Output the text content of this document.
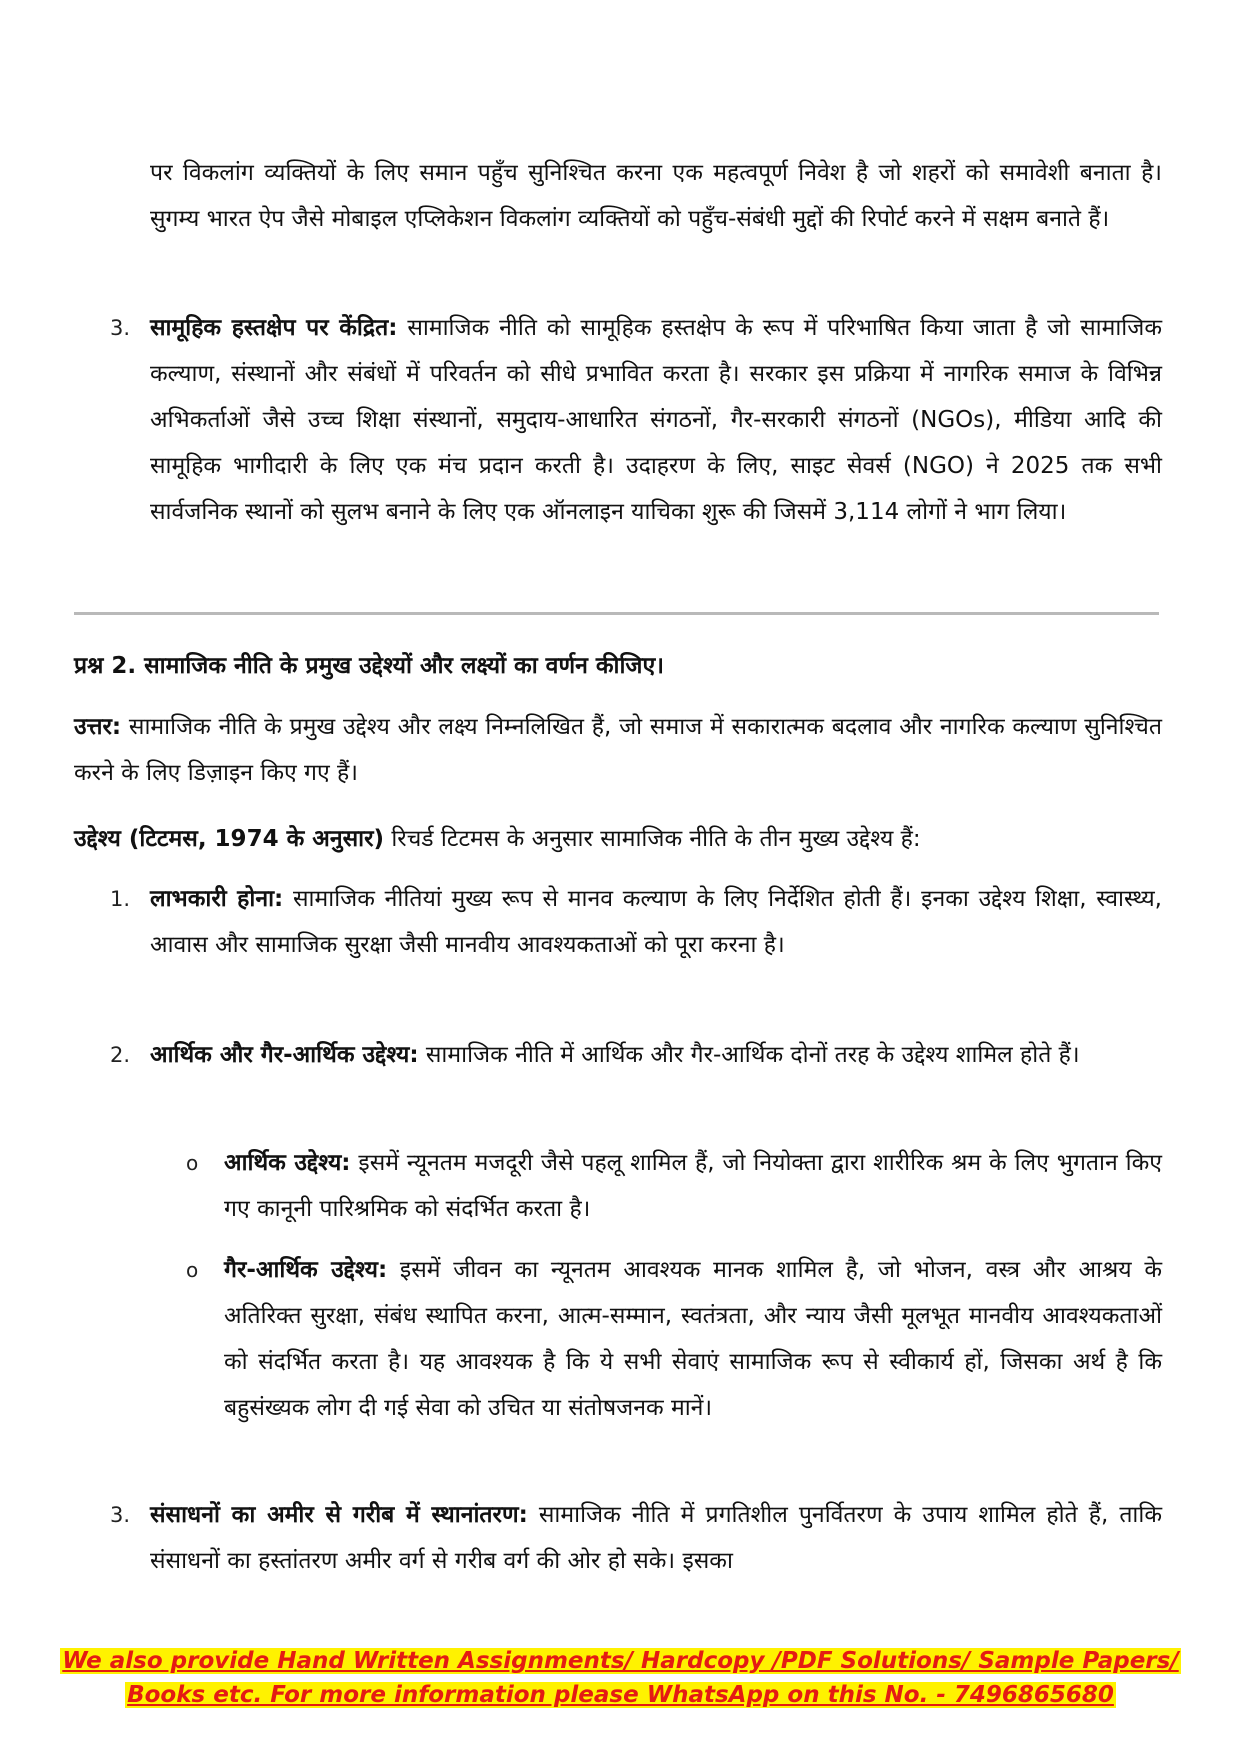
पर विकलांग व्यक्तियों के लिए समान पहुँच सुनिश्चित करना एक महत्वपूर्ण निवेश है जो शहरों को समावेशी बनाता है। सुगम्य भारत ऐप जैसे मोबाइल एप्लिकेशन विकलांग व्यक्तियों को पहुँच-संबंधी मुद्दों की रिपोर्ट करने में सक्षम बनाते हैं।

3. सामूहिक हस्तक्षेप पर केंद्रित: सामाजिक नीति को सामूहिक हस्तक्षेप के रूप में परिभाषित किया जाता है जो सामाजिक कल्याण, संस्थानों और संबंधों में परिवर्तन को सीधे प्रभावित करता है। सरकार इस प्रक्रिया में नागरिक समाज के विभिन्न अभिकर्ताओं जैसे उच्च शिक्षा संस्थानों, समुदाय-आधारित संगठनों, गैर-सरकारी संगठनों (NGOs), मीडिया आदि की सामूहिक भागीदारी के लिए एक मंच प्रदान करती है। उदाहरण के लिए, साइट सेवर्स (NGO) ने 2025 तक सभी सार्वजनिक स्थानों को सुलभ बनाने के लिए एक ऑनलाइन याचिका शुरू की जिसमें 3,114 लोगों ने भाग लिया।

प्रश्न 2. सामाजिक नीति के प्रमुख उद्देश्यों और लक्ष्यों का वर्णन कीजिए।

उत्तर: सामाजिक नीति के प्रमुख उद्देश्य और लक्ष्य निम्नलिखित हैं, जो समाज में सकारात्मक बदलाव और नागरिक कल्याण सुनिश्चित करने के लिए डिज़ाइन किए गए हैं।

उद्देश्य (टिटमस, 1974 के अनुसार) रिचर्ड टिटमस के अनुसार सामाजिक नीति के तीन मुख्य उद्देश्य हैं:

1. लाभकारी होना: सामाजिक नीतियां मुख्य रूप से मानव कल्याण के लिए निर्देशित होती हैं। इनका उद्देश्य शिक्षा, स्वास्थ्य, आवास और सामाजिक सुरक्षा जैसी मानवीय आवश्यकताओं को पूरा करना है।

2. आर्थिक और गैर-आर्थिक उद्देश्य: सामाजिक नीति में आर्थिक और गैर-आर्थिक दोनों तरह के उद्देश्य शामिल होते हैं।

o आर्थिक उद्देश्य: इसमें न्यूनतम मजदूरी जैसे पहलू शामिल हैं, जो नियोक्ता द्वारा शारीरिक श्रम के लिए भुगतान किए गए कानूनी पारिश्रमिक को संदर्भित करता है।

o गैर-आर्थिक उद्देश्य: इसमें जीवन का न्यूनतम आवश्यक मानक शामिल है, जो भोजन, वस्त्र और आश्रय के अतिरिक्त सुरक्षा, संबंध स्थापित करना, आत्म-सम्मान, स्वतंत्रता, और न्याय जैसी मूलभूत मानवीय आवश्यकताओं को संदर्भित करता है। यह आवश्यक है कि ये सभी सेवाएं सामाजिक रूप से स्वीकार्य हों, जिसका अर्थ है कि बहुसंख्यक लोग दी गई सेवा को उचित या संतोषजनक मानें।

3. संसाधनों का अमीर से गरीब में स्थानांतरण: सामाजिक नीति में प्रगतिशील पुनर्वितरण के उपाय शामिल होते हैं, ताकि संसाधनों का हस्तांतरण अमीर वर्ग से गरीब वर्ग की ओर हो सके। इसका

We also provide Hand Written Assignments/ Hardcopy /PDF Solutions/ Sample Papers/
Books etc. For more information please WhatsApp on this No. - 7496865680
